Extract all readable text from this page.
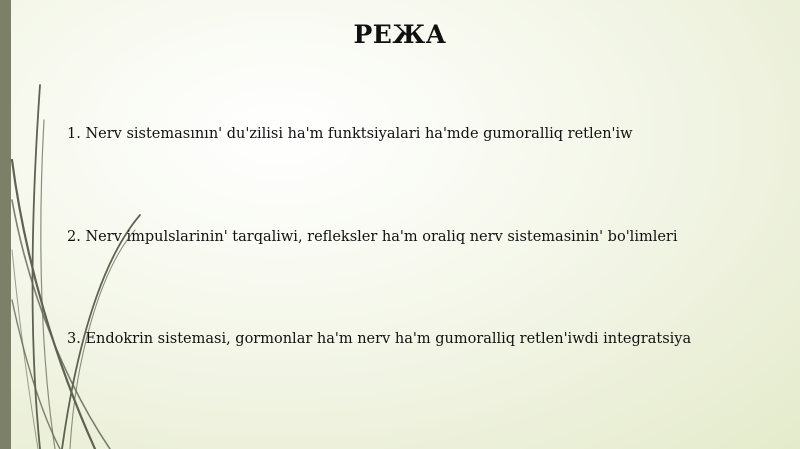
РЕЖА
1. Nerv sistemasının' du'zilisi ha'm funktsiyalari ha'mde gumoralliq retlen'iw
2. Nerv impulslarinin' tarqaliwi, refleksler ha'm oraliq nerv sistemasinin' bo'limleri
3. Endokrin sistemasi, gormonlar ha'm nerv ha'm gumoralliq retlen'iwdi integratsiya
